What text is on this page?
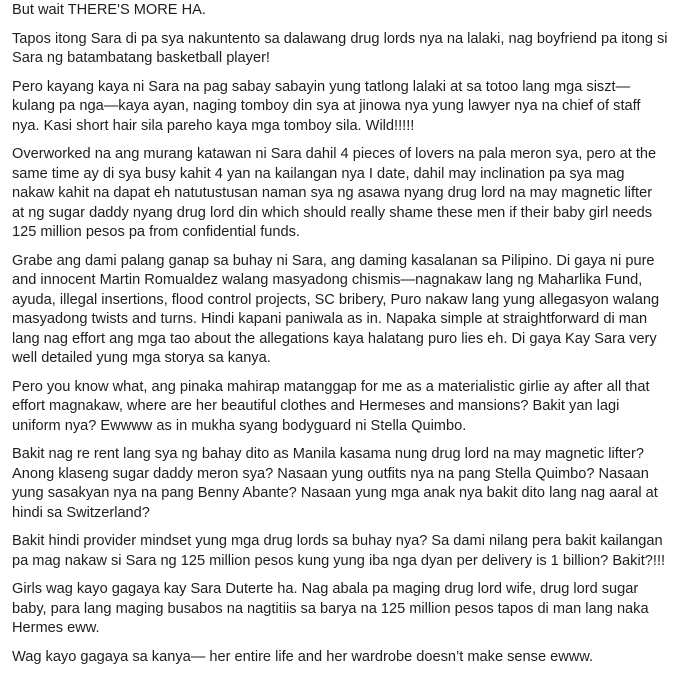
But wait THERE'S MORE HA.

Tapos itong Sara di pa sya nakuntento sa dalawang drug lords nya na lalaki, nag boyfriend pa itong si Sara ng batambatang basketball player!

Pero kayang kaya ni Sara na pag sabay sabayin yung tatlong lalaki at sa totoo lang mga siszt—kulang pa nga—kaya ayan, naging tomboy din sya at jinowa nya yung lawyer nya na chief of staff nya. Kasi short hair sila pareho kaya mga tomboy sila. Wild!!!!!

Overworked na ang murang katawan ni Sara dahil 4 pieces of lovers na pala meron sya, pero at the same time ay di sya busy kahit 4 yan na kailangan nya I date, dahil may inclination pa sya mag nakaw kahit na dapat eh natutustusan naman sya ng asawa nyang drug lord na may magnetic lifter at ng sugar daddy nyang drug lord din which should really shame these men if their baby girl needs 125 million pesos pa from confidential funds.

Grabe ang dami palang ganap sa buhay ni Sara, ang daming kasalanan sa Pilipino. Di gaya ni pure and innocent Martin Romualdez walang masyadong chismis—nagnakaw lang ng Maharlika Fund, ayuda, illegal insertions, flood control projects, SC bribery, Puro nakaw lang yung allegasyon walang masyadong twists and turns. Hindi kapani paniwala as in. Napaka simple at straightforward di man lang nag effort ang mga tao about the allegations kaya halatang puro lies eh. Di gaya Kay Sara very well detailed yung mga storya sa kanya.

Pero you know what, ang pinaka mahirap matanggap for me as a materialistic girlie ay after all that effort magnakaw, where are her beautiful clothes and Hermeses and mansions? Bakit yan lagi uniform nya? Ewwww as in mukha syang bodyguard ni Stella Quimbo.

Bakit nag re rent lang sya ng bahay dito as Manila kasama nung drug lord na may magnetic lifter? Anong klaseng sugar daddy meron sya? Nasaan yung outfits nya na pang Stella Quimbo? Nasaan yung sasakyan nya na pang Benny Abante? Nasaan yung mga anak nya bakit dito lang nag aaral at hindi sa Switzerland?

Bakit hindi provider mindset yung mga drug lords sa buhay nya? Sa dami nilang pera bakit kailangan pa mag nakaw si Sara ng 125 million pesos kung yung iba nga dyan per delivery is 1 billion? Bakit?!!!

Girls wag kayo gagaya kay Sara Duterte ha. Nag abala pa maging drug lord wife, drug lord sugar baby, para lang maging busabos na nagtitiis sa barya na 125 million pesos tapos di man lang naka Hermes eww.

Wag kayo gagaya sa kanya— her entire life and her wardrobe doesn’t make sense ewww.
